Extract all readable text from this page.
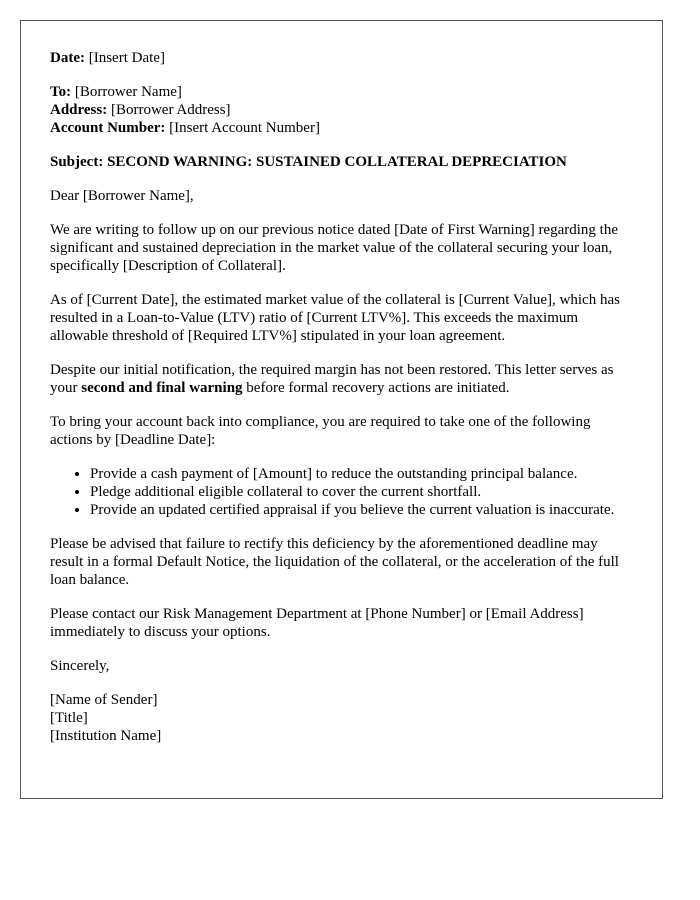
Date: [Insert Date]

To: [Borrower Name]
Address: [Borrower Address]
Account Number: [Insert Account Number]

Subject: SECOND WARNING: SUSTAINED COLLATERAL DEPRECIATION

Dear [Borrower Name],

We are writing to follow up on our previous notice dated [Date of First Warning] regarding the significant and sustained depreciation in the market value of the collateral securing your loan, specifically [Description of Collateral].

As of [Current Date], the estimated market value of the collateral is [Current Value], which has resulted in a Loan-to-Value (LTV) ratio of [Current LTV%]. This exceeds the maximum allowable threshold of [Required LTV%] stipulated in your loan agreement.

Despite our initial notification, the required margin has not been restored. This letter serves as your second and final warning before formal recovery actions are initiated.

To bring your account back into compliance, you are required to take one of the following actions by [Deadline Date]:

• Provide a cash payment of [Amount] to reduce the outstanding principal balance.
• Pledge additional eligible collateral to cover the current shortfall.
• Provide an updated certified appraisal if you believe the current valuation is inaccurate.

Please be advised that failure to rectify this deficiency by the aforementioned deadline may result in a formal Default Notice, the liquidation of the collateral, or the acceleration of the full loan balance.

Please contact our Risk Management Department at [Phone Number] or [Email Address] immediately to discuss your options.

Sincerely,

[Name of Sender]
[Title]
[Institution Name]
